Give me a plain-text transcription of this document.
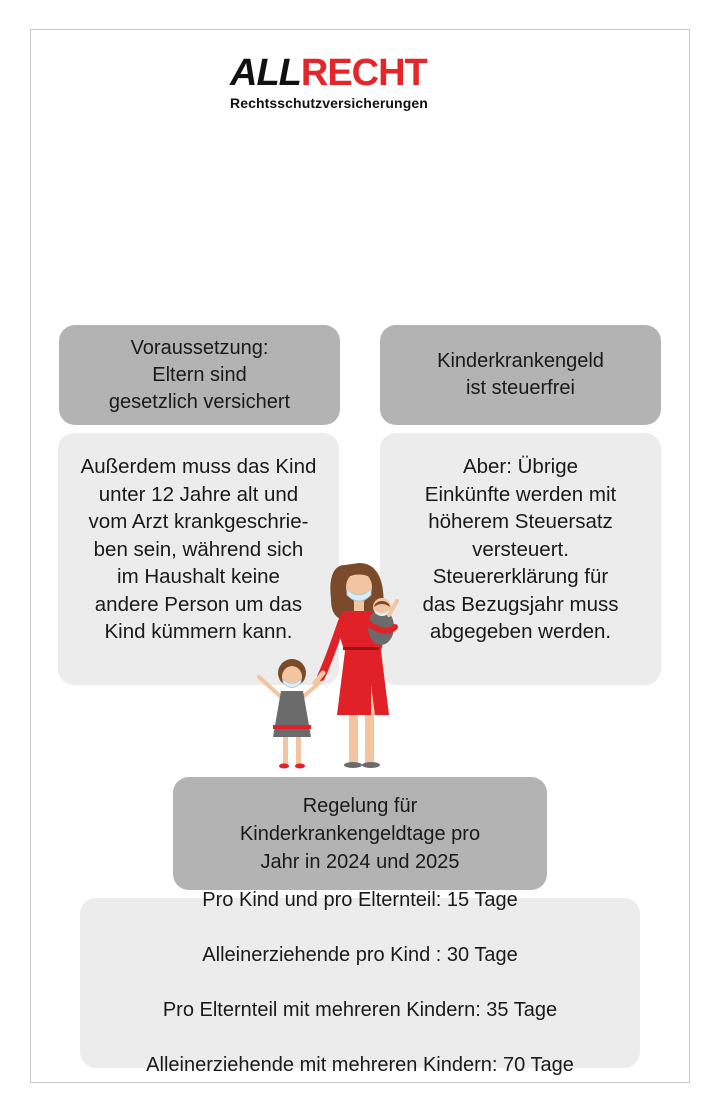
ALLRECHT
Rechtsschutzversicherungen
Voraussetzung:
Eltern sind
gesetzlich versichert
Kinderkrankengeld
ist steuerfrei
Außerdem muss das Kind
unter 12 Jahre alt und
vom Arzt krankgeschrie-
ben sein, während sich
im Haushalt keine
andere Person um das
Kind kümmern kann.
Aber: Übrige
Einkünfte werden mit
höherem Steuersatz
versteuert.
Steuererklärung für
das Bezugsjahr muss
abgegeben werden.
Regelung für
Kinderkrankengeldtage pro
Jahr in 2024 und 2025

Pro Kind und pro Elternteil: 15 Tage

Alleinerziehende pro Kind : 30 Tage

Pro Elternteil mit mehreren Kindern: 35 Tage

Alleinerziehende mit mehreren Kindern: 70 Tage
